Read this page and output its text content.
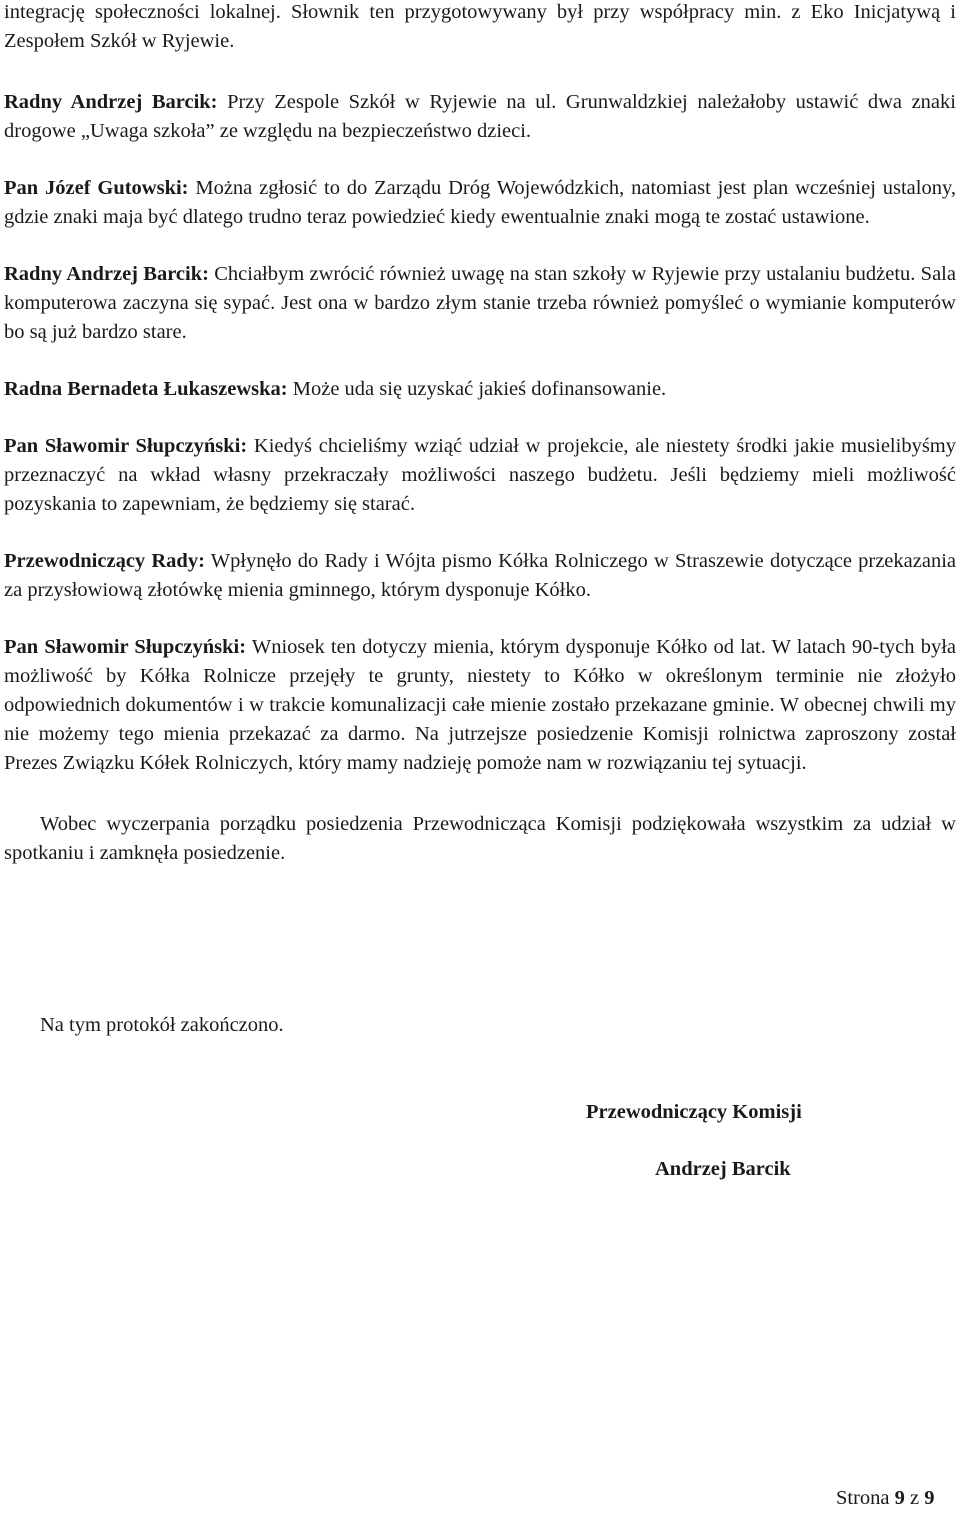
integrację społeczności lokalnej. Słownik ten przygotowywany był przy współpracy min. z Eko Inicjatywą i Zespołem Szkół w Ryjewie.

Radny Andrzej Barcik: Przy Zespole Szkół w Ryjewie na ul. Grunwaldzkiej należałoby ustawić dwa znaki drogowe „Uwaga szkoła” ze względu na bezpieczeństwo dzieci.

Pan Józef Gutowski: Można zgłosić to do Zarządu Dróg Wojewódzkich, natomiast jest plan wcześniej ustalony, gdzie znaki maja być dlatego trudno teraz powiedzieć kiedy ewentualnie znaki mogą te zostać ustawione.

Radny Andrzej Barcik: Chciałbym zwrócić również uwagę na stan szkoły w Ryjewie przy ustalaniu budżetu. Sala komputerowa zaczyna się sypać. Jest ona w bardzo złym stanie trzeba również pomyśleć o wymianie komputerów bo są już bardzo stare.

Radna Bernadeta Łukaszewska: Może uda się uzyskać jakieś dofinansowanie.

Pan Sławomir Słupczyński: Kiedyś chcieliśmy wziąć udział w projekcie, ale niestety środki jakie musielibyśmy przeznaczyć na wkład własny przekraczały możliwości naszego budżetu. Jeśli będziemy mieli możliwość pozyskania to zapewniam, że będziemy się starać.

Przewodniczący Rady: Wpłynęło do Rady i Wójta pismo Kółka Rolniczego w Straszewie dotyczące przekazania za przysłowiową złotówkę mienia gminnego, którym dysponuje Kółko.

Pan Sławomir Słupczyński: Wniosek ten dotyczy mienia, którym dysponuje Kółko od lat. W latach 90-tych była możliwość by Kółka Rolnicze przejęły te grunty, niestety to Kółko w określonym terminie nie złożyło odpowiednich dokumentów i w trakcie komunalizacji całe mienie zostało przekazane gminie. W obecnej chwili my nie możemy tego mienia przekazać za darmo. Na jutrzejsze posiedzenie Komisji rolnictwa zaproszony został Prezes Związku Kółek Rolniczych, który mamy nadzieję pomoże nam w rozwiązaniu tej sytuacji.

Wobec wyczerpania porządku posiedzenia Przewodnicząca Komisji podziękowała wszystkim za udział w spotkaniu i zamknęła posiedzenie.

Na tym protokół zakończono.
Przewodniczący Komisji
Andrzej Barcik
Strona 9 z 9
